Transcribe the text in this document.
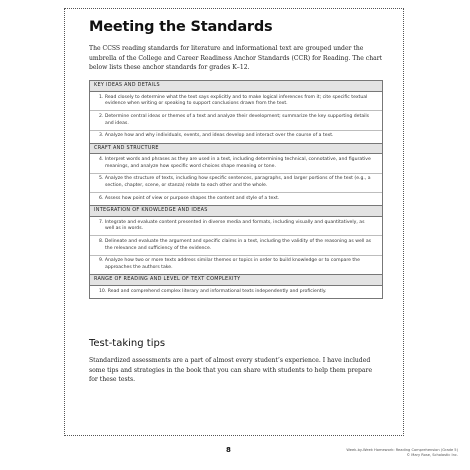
Meeting the Standards

The CCSS reading standards for literature and informational text are grouped under the umbrella of the College and Career Readiness Anchor Standards (CCR) for Reading. The chart below lists these anchor standards for grades K–12.

KEY IDEAS AND DETAILS
1. Read closely to determine what the text says explicitly and to make logical inferences from it; cite specific textual evidence when writing or speaking to support conclusions drawn from the text.
2. Determine central ideas or themes of a text and analyze their development; summarize the key supporting details and ideas.
3. Analyze how and why individuals, events, and ideas develop and interact over the course of a text.
CRAFT AND STRUCTURE
4. Interpret words and phrases as they are used in a text, including determining technical, connotative, and figurative meanings, and analyze how specific word choices shape meaning or tone.
5. Analyze the structure of texts, including how specific sentences, paragraphs, and larger portions of the text (e.g., a section, chapter, scene, or stanza) relate to each other and the whole.
6. Assess how point of view or purpose shapes the content and style of a text.
INTEGRATION OF KNOWLEDGE AND IDEAS
7. Integrate and evaluate content presented in diverse media and formats, including visually and quantitatively, as well as in words.
8. Delineate and evaluate the argument and specific claims in a text, including the validity of the reasoning as well as the relevance and sufficiency of the evidence.
9. Analyze how two or more texts address similar themes or topics in order to build knowledge or to compare the approaches the authors take.
RANGE OF READING AND LEVEL OF TEXT COMPLEXITY
10. Read and comprehend complex literary and informational texts independently and proficiently.
Test-taking tips

Standardized assessments are a part of almost every student’s experience. I have included some tips and strategies in the book that you can share with students to help them prepare for these tests.

8	Week-by-Week Homework: Reading Comprehension (Grade 5)
© Mary Rose, Scholastic Inc.
